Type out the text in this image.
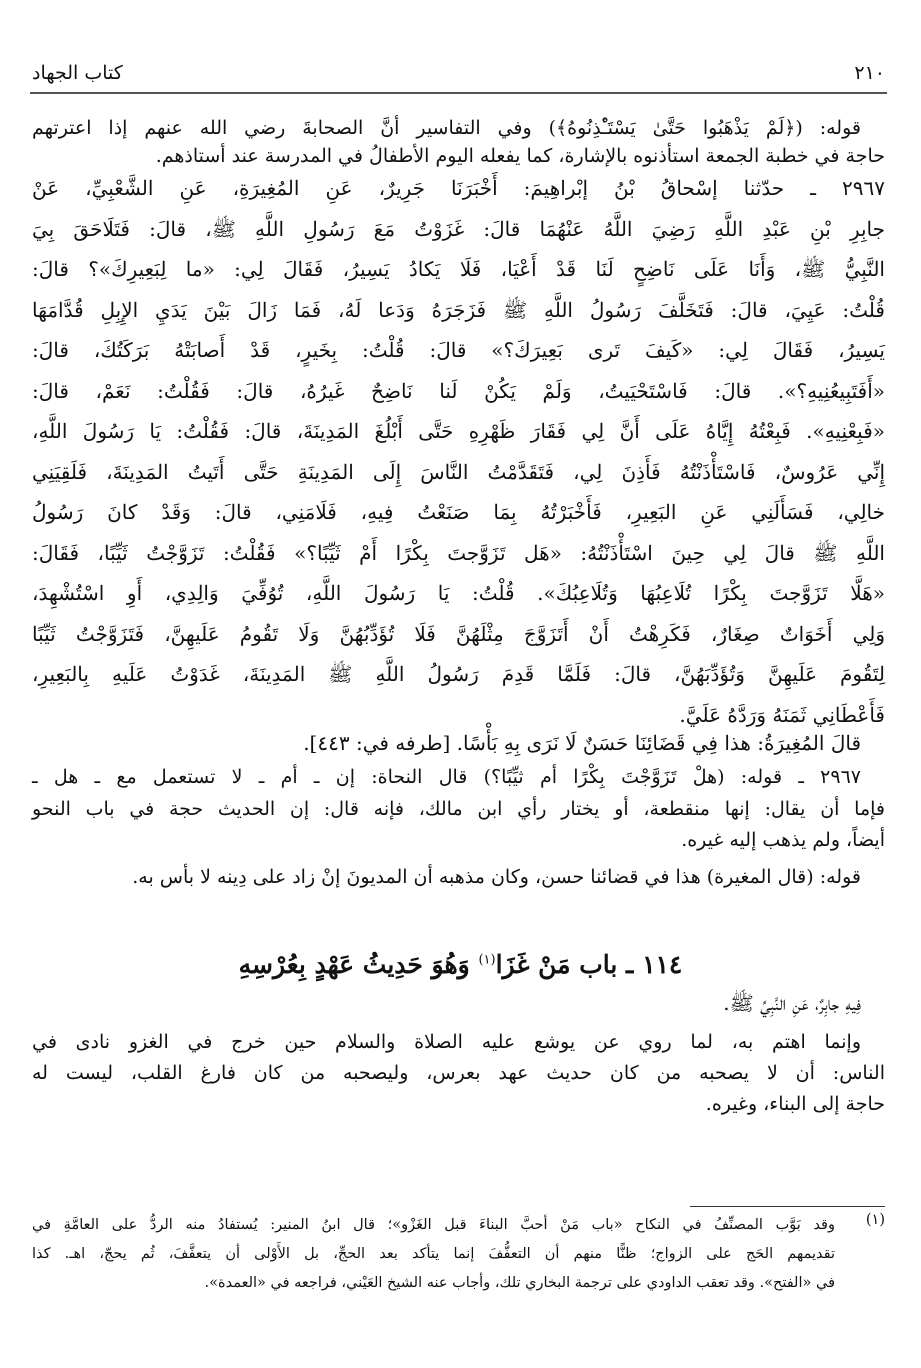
كتاب الجهاد	٢١٠
قوله: (﴿لَمْ يَذْهَبُوا حَتَّىٰ يَسْتَـْٔذِنُوهُ﴾) وفي التفاسير أنَّ الصحابةَ رضي الله عنهم إذا اعترتهم
حاجة في خطبة الجمعة استأذنوه بالإشارة، كما يفعله اليوم الأطفالُ في المدرسة عند أستاذهم.
٢٩٦٧ ـ حدّثنا إسْحاقُ بْنُ إبْراهِيمَ: أَخْبَرَنَا جَرِيرٌ، عَنِ المُغِيرَةِ، عَنِ الشَّعْبِيِّ، عَنْ
جابِرِ بْنِ عَبْدِ اللَّهِ رَضِيَ اللَّهُ عَنْهُمَا قالَ: غَزَوْتُ مَعَ رَسُولِ اللَّهِ ﷺ، قالَ: فَتَلَاحَقَ بِيَ
النَّبِيُّ ﷺ، وَأَنَا عَلَى نَاضِحٍ لَنَا قَدْ أَعْيَا، فَلَا يَكادُ يَسِيرُ، فَقَالَ لِي: «ما لِبَعِيرِكَ»؟ قالَ:
قُلْتُ: عَيِيَ، قالَ: فَتَخَلَّفَ رَسُولُ اللَّهِ ﷺ فَزَجَرَهُ وَدَعا لَهُ، فَمَا زَالَ بَيْنَ يَدَيِ الإِبِلِ قُدَّامَهَا
يَسِيرُ، فَقَالَ لِي: «كَيفَ تَرى بَعِيرَكَ؟» قالَ: قُلْتُ: بِخَيرٍ، قَدْ أَصابَتْهُ بَرَكَتُكَ، قالَ:
«أَفَتَبِيعُنِيهِ؟». قالَ: فَاسْتَحْيَيتُ، وَلَمْ يَكُنْ لَنا نَاضِحٌ غَيرُهُ، قالَ: فَقُلْتُ: نَعَمْ، قالَ:
«فَبِعْنِيهِ». فَبِعْتُهُ إِيَّاهُ عَلَى أَنَّ لِي فَقَارَ ظَهْرِهِ حَتَّى أَبْلُغَ المَدِينَةَ، قالَ: فَقُلْتُ: يَا رَسُولَ اللَّهِ،
إِنِّي عَرُوسٌ، فَاسْتَأْذَنْتُهُ فَأَذِنَ لِي، فَتَقَدَّمْتُ النَّاسَ إِلَى المَدِينَةِ حَتَّى أَتَيتُ المَدِينَةَ، فَلَقِيَنِي
خالِي، فَسَأَلَنِي عَنِ البَعِيرِ، فَأَخْبَرْتُهُ بِمَا صَنَعْتُ فِيهِ، فَلَامَنِي، قالَ: وَقَدْ كانَ رَسُولُ
اللَّهِ ﷺ قالَ لِي حِينَ اسْتَأْذَنْتُهُ: «هَل تَزَوَّجتَ بِكْرًا أَمْ ثَيِّبًا؟» فَقُلْتُ: تَزَوَّجْتُ ثَيِّبًا، فَقَالَ:
«هَلَّا تَزَوَّجتَ بِكْرًا تُلَاعِبُهَا وَتُلَاعِبُكَ». قُلْتُ: يَا رَسُولَ اللَّهِ، تُوُفِّيَ وَالِدِي، أَوِ اسْتُشْهِدَ،
وَلِي أَخَوَاتٌ صِغَارٌ، فَكَرِهْتُ أَنْ أَتَزَوَّجَ مِثْلَهُنَّ فَلَا تُؤَدِّبُهُنَّ وَلَا تَقُومُ عَلَيهِنَّ، فَتَزَوَّجْتُ ثَيِّبًا
لِتَقُومَ عَلَيهِنَّ وَتُؤَدِّبَهُنَّ، قالَ: فَلَمَّا قَدِمَ رَسُولُ اللَّهِ ﷺ المَدِينَةَ، غَدَوْتُ عَلَيهِ بِالبَعِيرِ،
فَأَعْطَانِي ثَمَنَهُ وَرَدَّهُ عَلَيَّ.
قالَ المُغِيرَةُ: هذا فِي قَضَائِنَا حَسَنٌ لَا نَرَى بِهِ بَأْسًا. [طرفه في: ٤٤٣].
٢٩٦٧ ـ قوله: (هلْ تَزَوَّجْتَ بِكْرًا أم ثيِّبًا؟) قال النحاة: إن ـ أم ـ لا تستعمل مع ـ هل ـ
فإما أن يقال: إنها منقطعة، أو يختار رأي ابن مالك، فإنه قال: إن الحديث حجة في باب النحو
أيضاً، ولم يذهب إليه غيره.
قوله: (قال المغيرة) هذا في قضائنا حسن، وكان مذهبه أن المديونَ إنْ زاد على دِينه لا بأس به.
١١٤ ـ باب مَنْ غَزَا$^{(١)}$ وَهُوَ حَدِيثُ عَهْدٍ بِعُرْسِهِ
فِيهِ جابِرٌ، عَنِ النَّبِيِّ ﷺ.
وإنما اهتم به، لما روي عن يوشع عليه الصلاة والسلام حين خرج في الغزو نادى في
الناس: أن لا يصحبه من كان حديث عهد بعرس، وليصحبه من كان فارغ القلب، ليست له
حاجة إلى البناء، وغيره.
(١)
وقد بَوَّب المصنِّفُ في النكاح «باب مَنْ أحبَّ البناءَ قبل الغَزْو»؛ قال ابنُ المنير: يُستفادُ منه الردُّ على العامَّةِ في
تقديمهم الحَج على الزواج؛ ظنًّا منهم أن التعفُّفَ إنما يتأكد بعد الحجِّ، بل الأَوْلى أن يتعفَّفَ، ثُم يحجّ، اهـ. كذا
في «الفتح». وقد تعقب الداودي على ترجمة البخاري تلك، وأجاب عنه الشيخ العَيْني، فراجعه في «العمدة».
